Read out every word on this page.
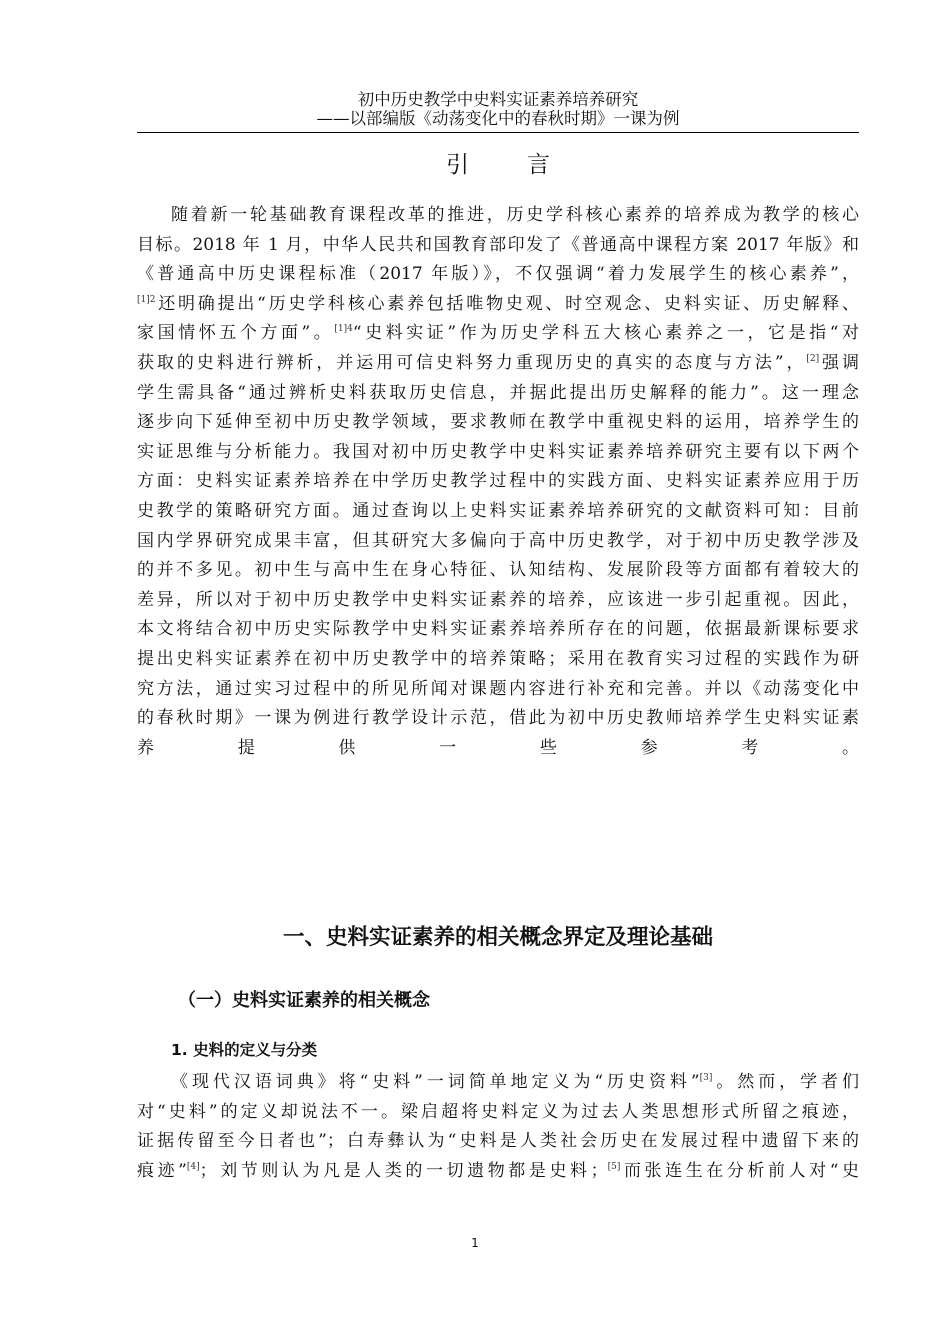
初中历史教学中史料实证素养培养研究
——以部编版《动荡变化中的春秋时期》一课为例
引	言
随着新一轮基础教育课程改革的推进，历史学科核心素养的培养成为教学的核心
目标。2018 年 1 月，中华人民共和国教育部印发了《普通高中课程方案 2017 年版》和
《普通高中历史课程标准（2017 年版）》，不仅强调“着力发展学生的核心素养”，
$^{[1]2}$还明确提出“历史学科核心素养包括唯物史观、时空观念、史料实证、历史解释、
家国情怀五个方面”。$^{[1]4}$“史料实证”作为历史学科五大核心素养之一，它是指“对
获取的史料进行辨析，并运用可信史料努力重现历史的真实的态度与方法”，[2]强调
学生需具备“通过辨析史料获取历史信息，并据此提出历史解释的能力”。这一理念
逐步向下延伸至初中历史教学领域，要求教师在教学中重视史料的运用，培养学生的
实证思维与分析能力。我国对初中历史教学中史料实证素养培养研究主要有以下两个
方面：史料实证素养培养在中学历史教学过程中的实践方面、史料实证素养应用于历
史教学的策略研究方面。通过查询以上史料实证素养培养研究的文献资料可知：目前
国内学界研究成果丰富，但其研究大多偏向于高中历史教学，对于初中历史教学涉及
的并不多见。初中生与高中生在身心特征、认知结构、发展阶段等方面都有着较大的
差异，所以对于初中历史教学中史料实证素养的培养，应该进一步引起重视。因此，
本文将结合初中历史实际教学中史料实证素养培养所存在的问题，依据最新课标要求
提出史料实证素养在初中历史教学中的培养策略；采用在教育实习过程的实践作为研
究方法，通过实习过程中的所见所闻对课题内容进行补充和完善。并以《动荡变化中
的春秋时期》一课为例进行教学设计示范，借此为初中历史教师培养学生史料实证素
养提供一些参考。
一、史料实证素养的相关概念界定及理论基础
（一）史料实证素养的相关概念
1. 史料的定义与分类
《现代汉语词典》将“史料”一词简单地定义为“历史资料”[3]。然而，学者们
对“史料”的定义却说法不一。梁启超将史料定义为过去人类思想形式所留之痕迹，
证据传留至今日者也”；白寿彝认为“史料是人类社会历史在发展过程中遗留下来的
痕迹”[4]；刘节则认为凡是人类的一切遗物都是史料；[5]而张连生在分析前人对“史
1
